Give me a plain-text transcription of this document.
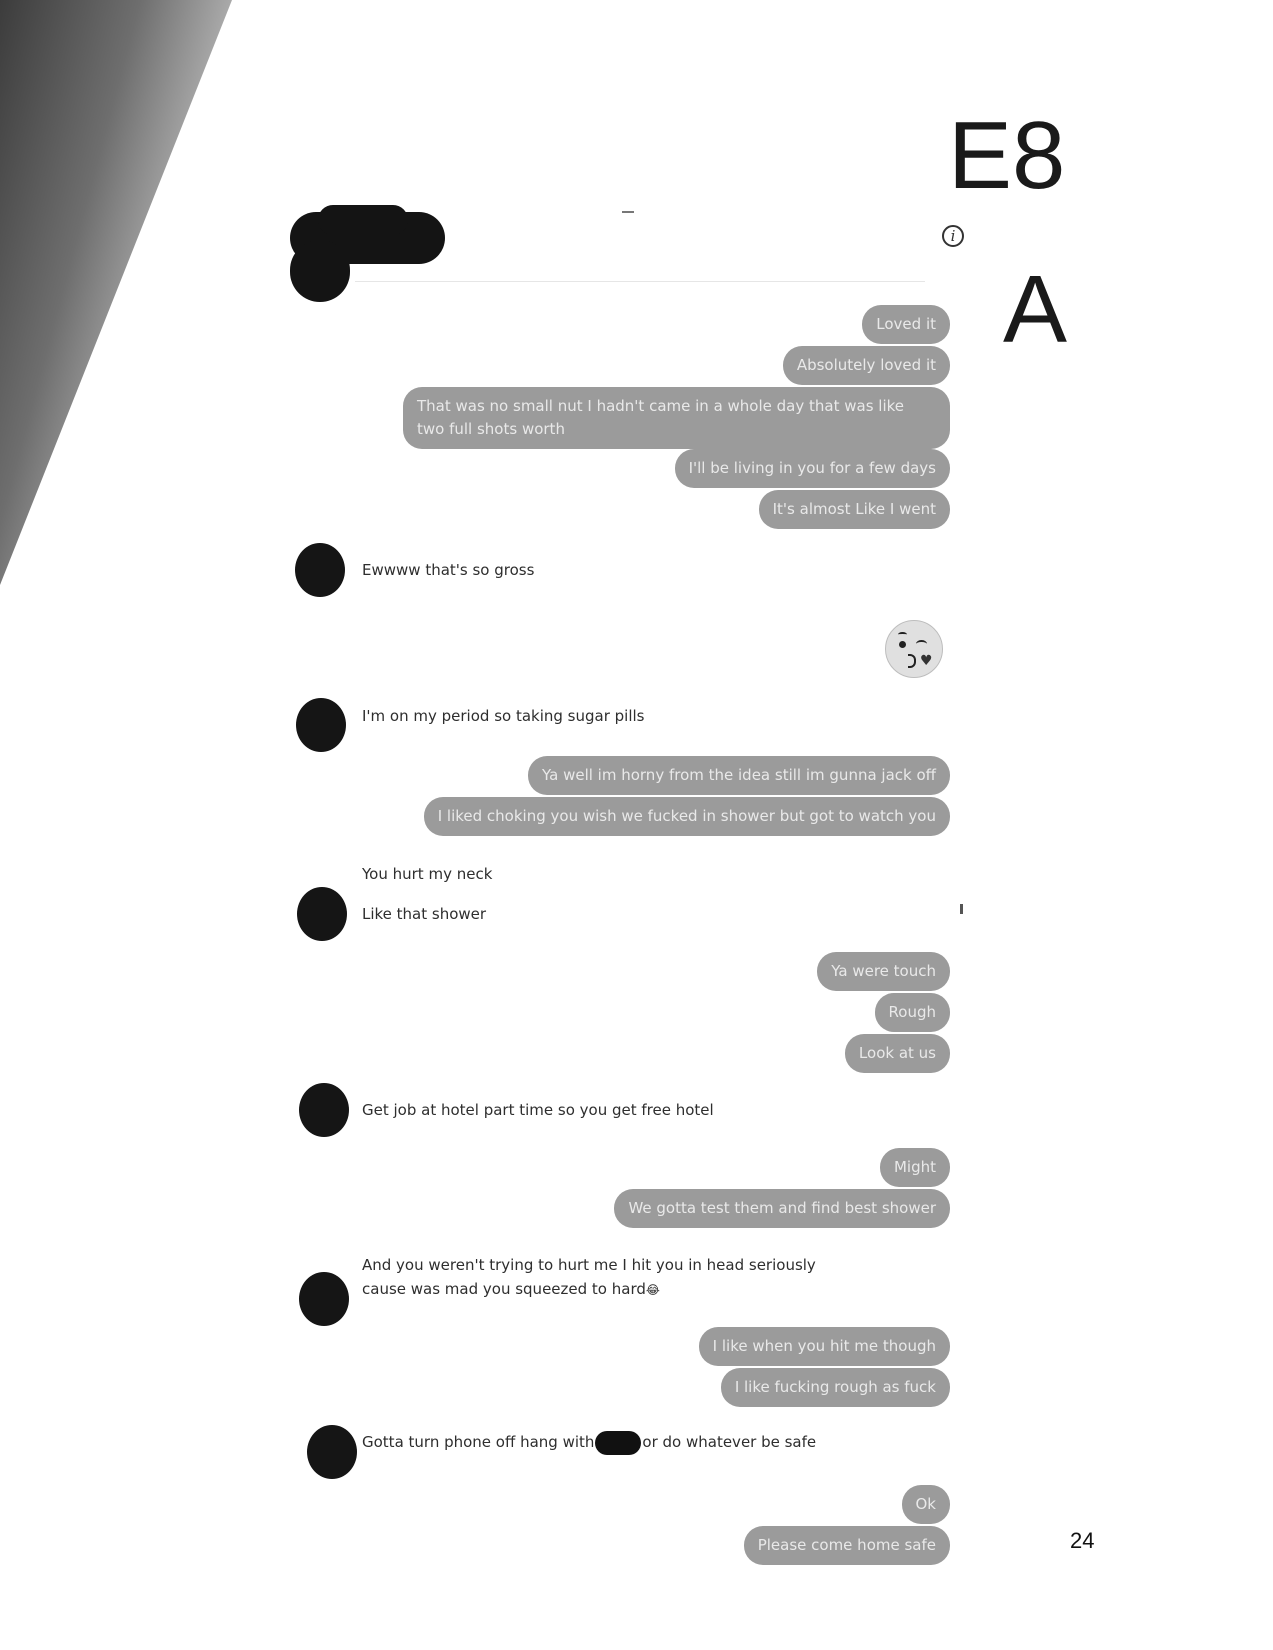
E8
A
24
i
Loved it
Absolutely loved it
That was no small nut I hadn't came in a whole day that was like two full shots worth
I'll be living in you for a few days
It's almost Like I went
Ewwww that's so gross
♥
I'm on my period so taking sugar pills
Ya well im horny from the idea still im gunna jack off
I liked choking you wish we fucked in shower but got to watch you
You hurt my neck
Like that shower
Ya were touch
Rough
Look at us
Get job at hotel part time so you get free hotel
Might
We gotta test them and find best shower
And you weren't trying to hurt me I hit you in head seriously cause was mad you squeezed to hard😂
I like when you hit me though
I like fucking rough as fuck
Gotta turn phone off hang with	or do whatever be safe
Ok
Please come home safe
